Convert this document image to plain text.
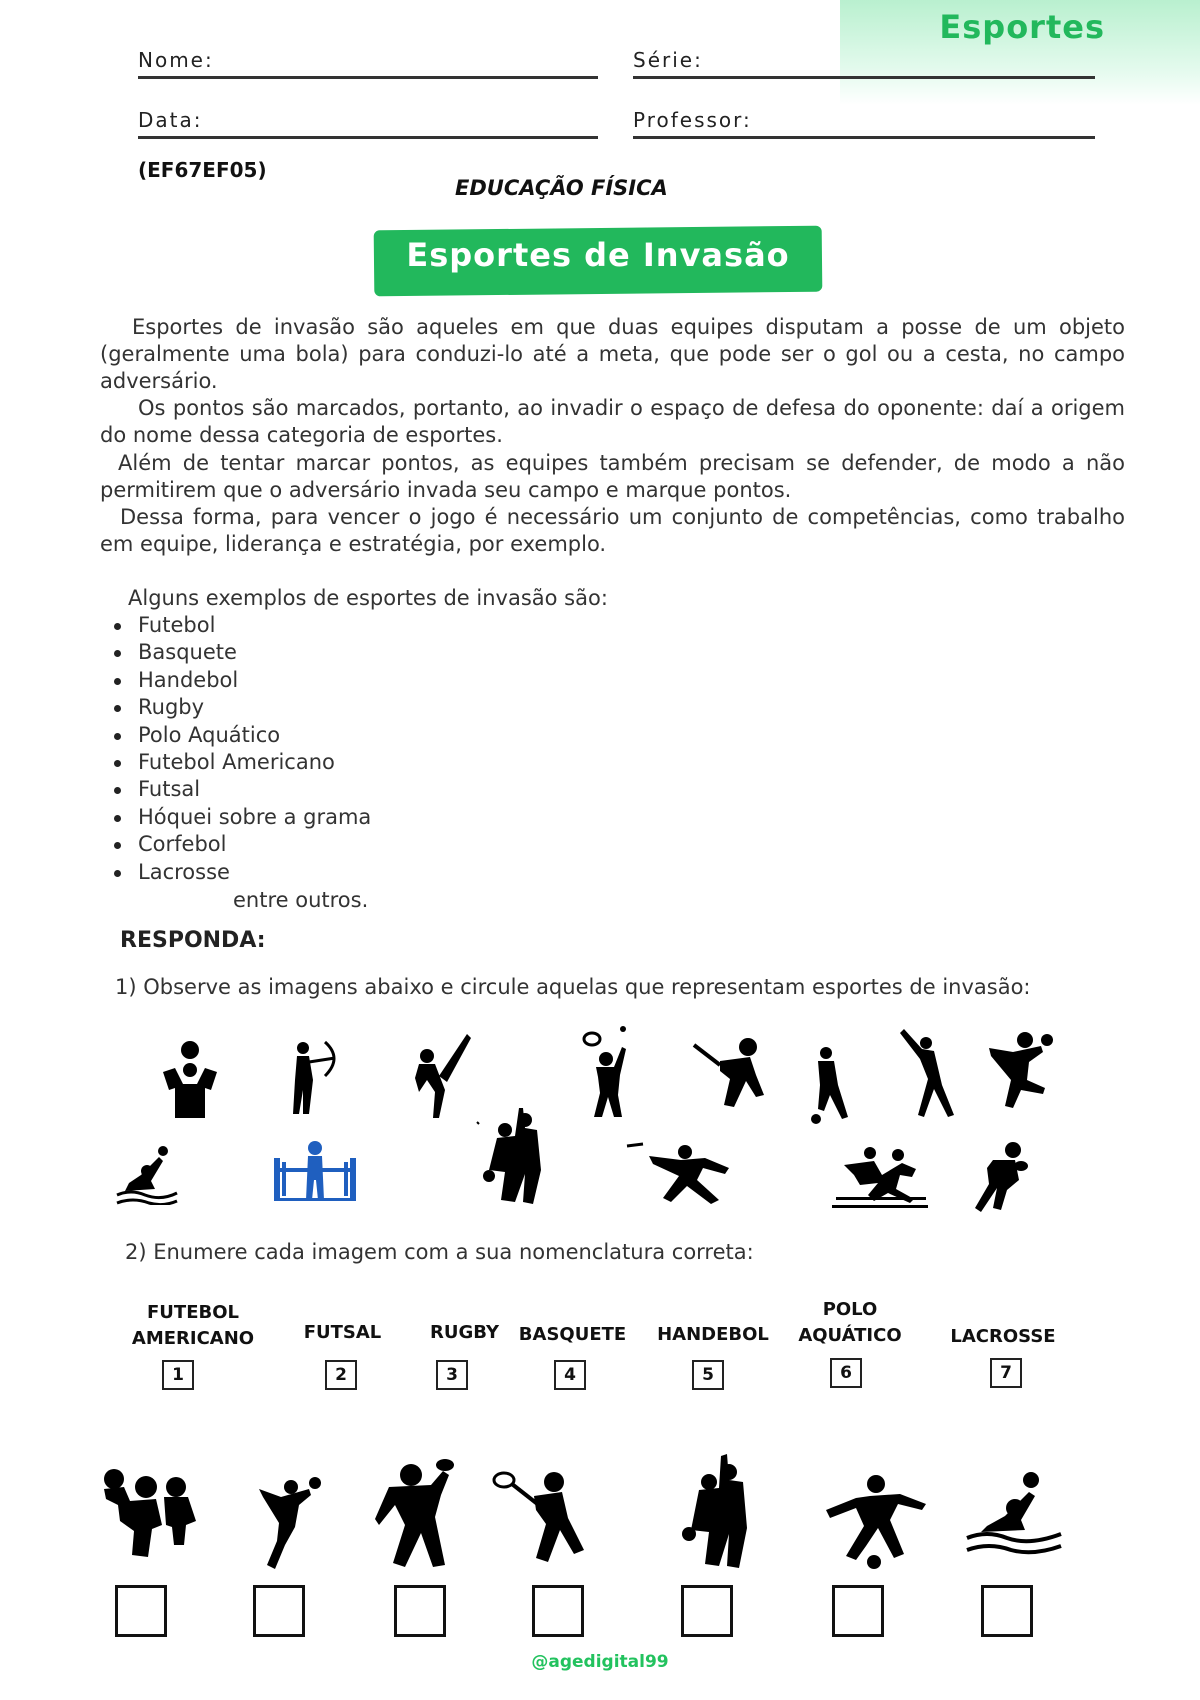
Esportes
Nome:	Série:
Data:	Professor:
(EF67EF05)
EDUCAÇÃO FÍSICA
Esportes de Invasão

Esportes de invasão são aqueles em que duas equipes disputam a posse de um objeto (geralmente uma bola) para conduzi-lo até a meta, que pode ser o gol ou a cesta, no campo adversário.

Os pontos são marcados, portanto, ao invadir o espaço de defesa do oponente: daí a origem do nome dessa categoria de esportes.

Além de tentar marcar pontos, as equipes também precisam se defender, de modo a não permitirem que o adversário invada seu campo e marque pontos.

Dessa forma, para vencer o jogo é necessário um conjunto de competências, como trabalho em equipe, liderança e estratégia, por exemplo.

Alguns exemplos de esportes de invasão são:
Futebol
Basquete
Handebol
Rugby
Polo Aquático
Futebol Americano
Futsal
Hóquei sobre a grama
Corfebol
Lacrosse
entre outros.
RESPONDA:
1) Observe as imagens abaixo e circule aquelas que representam esportes de invasão:
2) Enumere cada imagem com a sua nomenclatura correta:
FUTEBOL AMERICANO
1
FUTSAL
2
RUGBY
3
BASQUETE
4
HANDEBOL
5
POLO AQUÁTICO
6
LACROSSE
7
@agedigital99
